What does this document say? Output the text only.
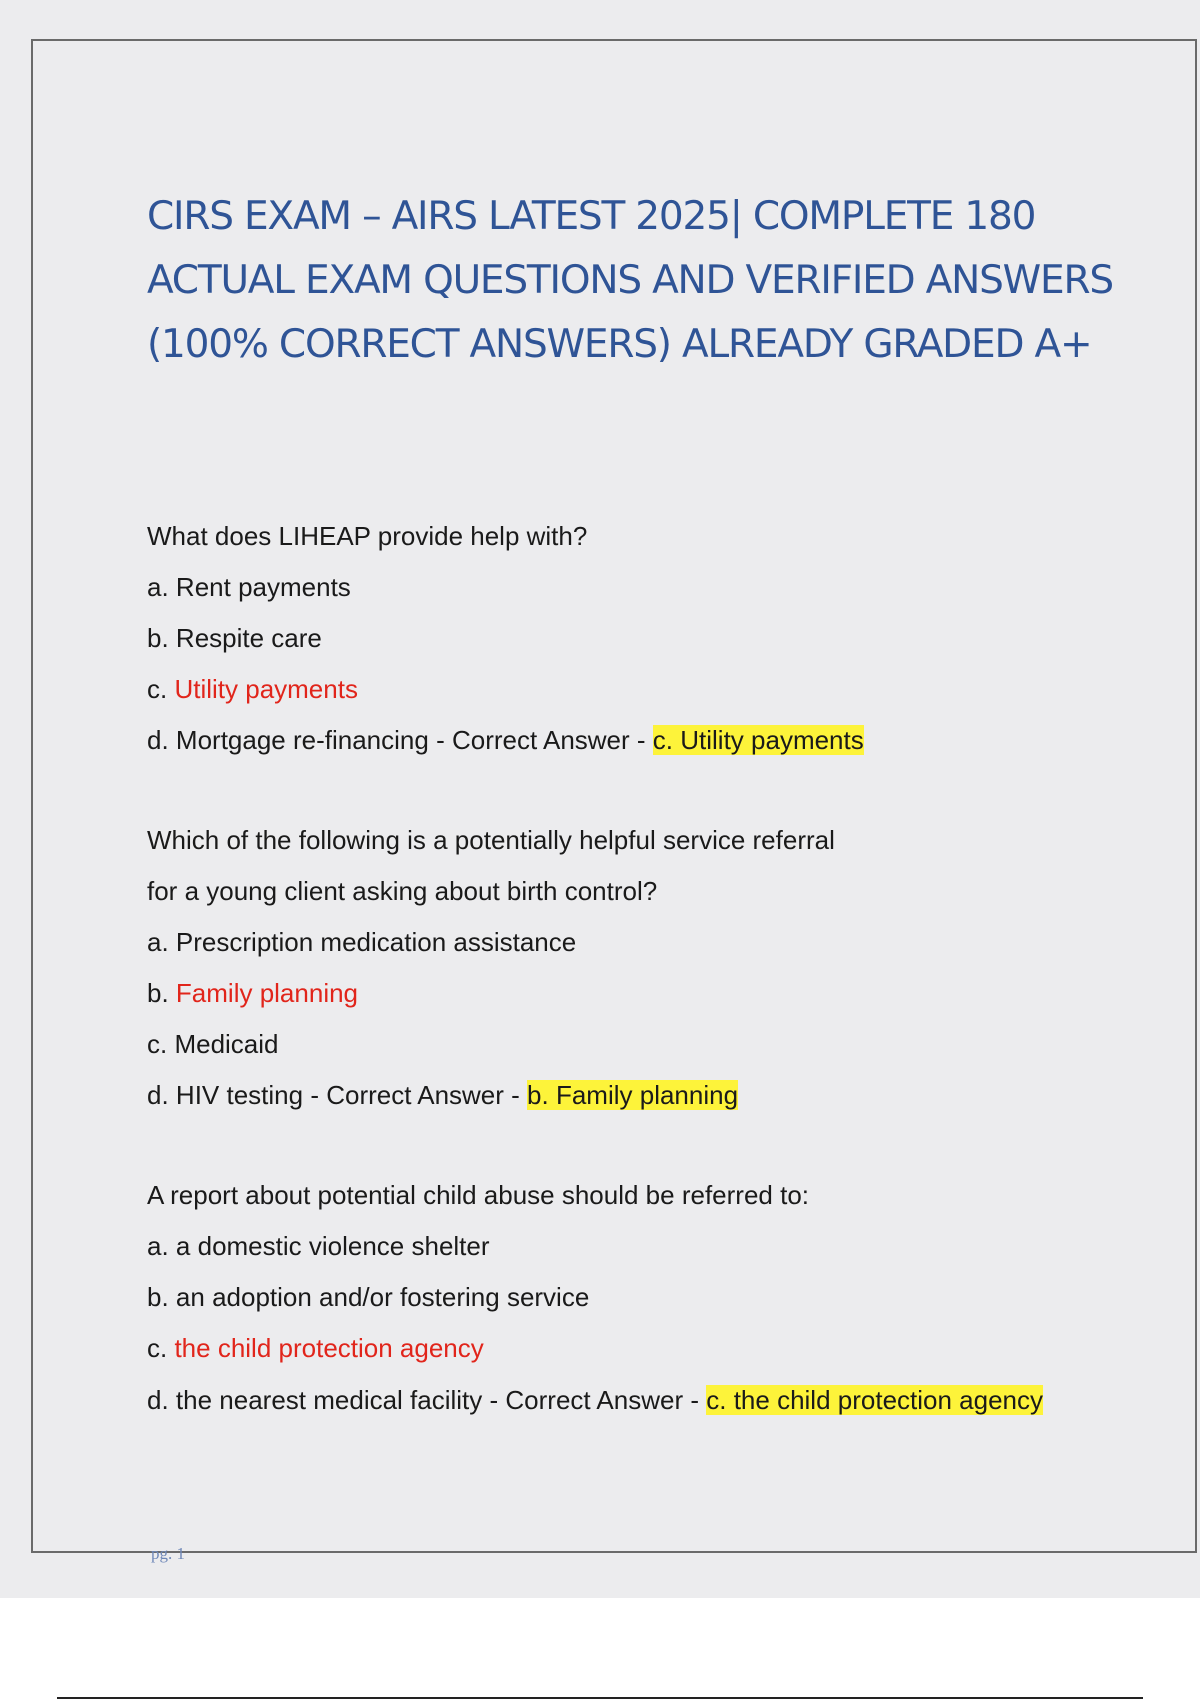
CIRS EXAM – AIRS LATEST 2025| COMPLETE 180 ACTUAL EXAM QUESTIONS AND VERIFIED ANSWERS (100% CORRECT ANSWERS) ALREADY GRADED A+
What does LIHEAP provide help with?
a. Rent payments
b. Respite care
c. Utility payments
d. Mortgage re-financing - Correct Answer - c. Utility payments
Which of the following is a potentially helpful service referral
for a young client asking about birth control?
a. Prescription medication assistance
b. Family planning
c. Medicaid
d. HIV testing - Correct Answer - b. Family planning
A report about potential child abuse should be referred to:
a. a domestic violence shelter
b. an adoption and/or fostering service
c. the child protection agency
d. the nearest medical facility - Correct Answer - c. the child protection agency

pg. 1
